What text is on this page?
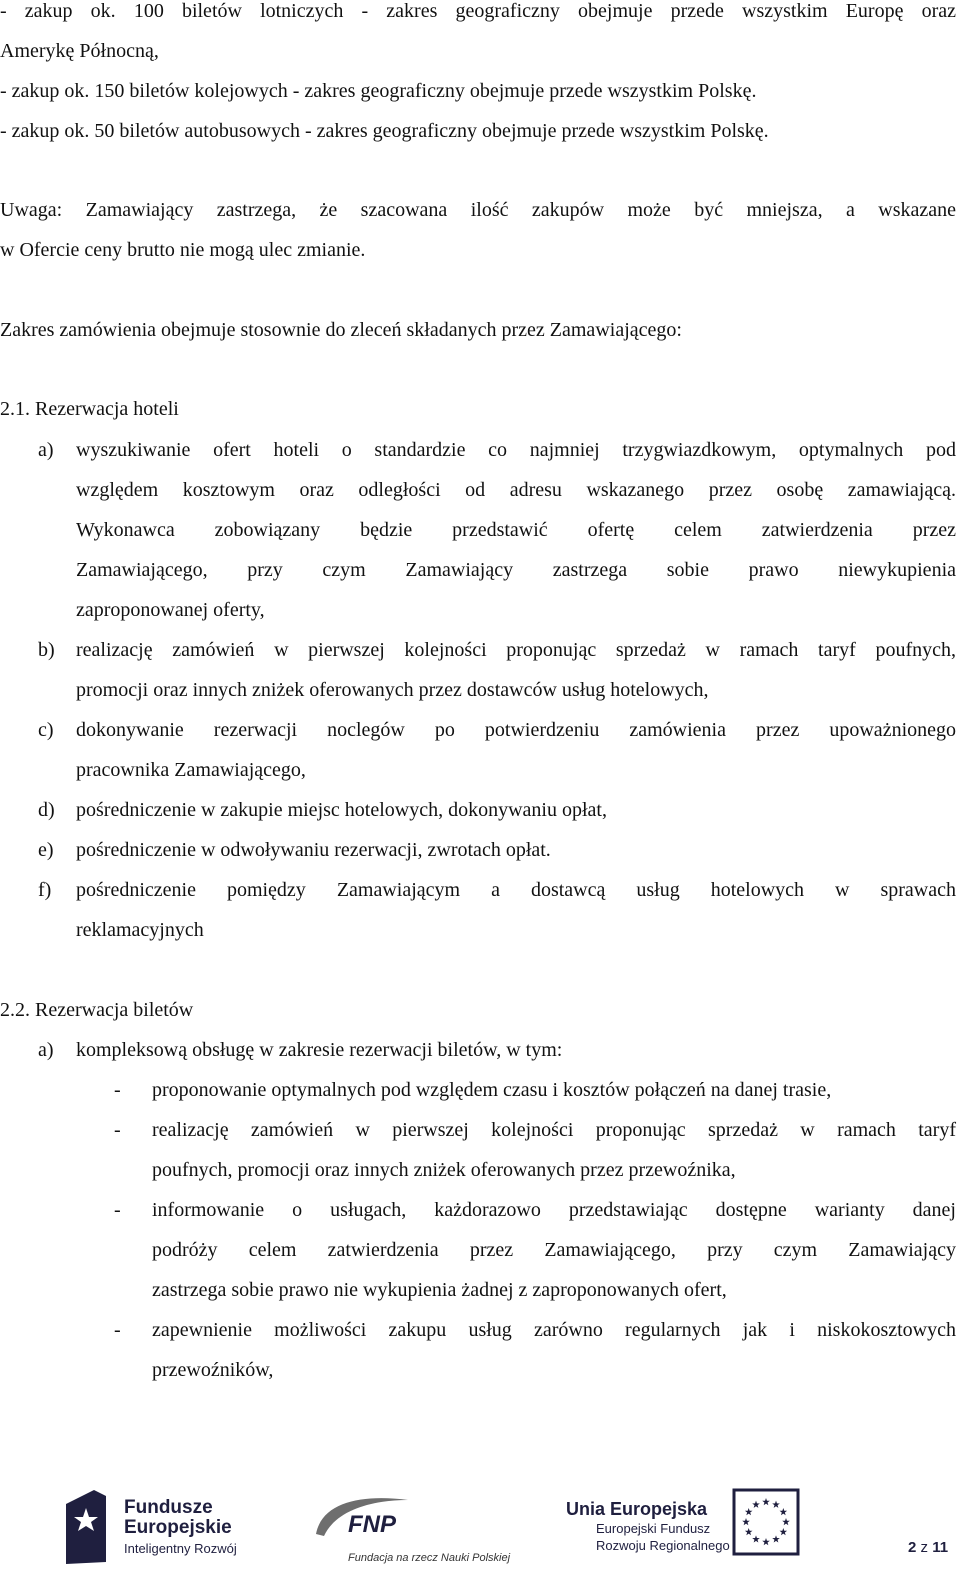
- zakup ok. 100 biletów lotniczych - zakres geograficzny obejmuje przede wszystkim Europę oraz
Amerykę Północną,
- zakup ok. 150 biletów kolejowych - zakres geograficzny obejmuje przede wszystkim Polskę.
- zakup ok. 50 biletów autobusowych - zakres geograficzny obejmuje przede wszystkim Polskę.
Uwaga: Zamawiający zastrzega, że szacowana ilość zakupów może być mniejsza, a wskazane
w Ofercie ceny brutto nie mogą ulec zmianie.
Zakres zamówienia obejmuje stosownie do zleceń składanych przez Zamawiającego:
2.1. Rezerwacja hoteli
a) wyszukiwanie ofert hoteli o standardzie co najmniej trzygwiazdkowym, optymalnych pod
względem kosztowym oraz odległości od adresu wskazanego przez osobę zamawiającą.
Wykonawca zobowiązany będzie przedstawić ofertę celem zatwierdzenia przez
Zamawiającego, przy czym Zamawiający zastrzega sobie prawo niewykupienia
zaproponowanej oferty,
b) realizację zamówień w pierwszej kolejności proponując sprzedaż w ramach taryf poufnych,
promocji oraz innych zniżek oferowanych przez dostawców usług hotelowych,
c) dokonywanie rezerwacji noclegów po potwierdzeniu zamówienia przez upoważnionego
pracownika Zamawiającego,
d) pośredniczenie w zakupie miejsc hotelowych, dokonywaniu opłat,
e) pośredniczenie w odwoływaniu rezerwacji, zwrotach opłat.
f) pośredniczenie pomiędzy Zamawiającym a dostawcą usług hotelowych w sprawach
reklamacyjnych
2.2. Rezerwacja biletów
a) kompleksową obsługę w zakresie rezerwacji biletów, w tym:
- proponowanie optymalnych pod względem czasu i kosztów połączeń na danej trasie,
- realizację zamówień w pierwszej kolejności proponując sprzedaż w ramach taryf
poufnych, promocji oraz innych zniżek oferowanych przez przewoźnika,
- informowanie o usługach, każdorazowo przedstawiając dostępne warianty danej
podróży celem zatwierdzenia przez Zamawiającego, przy czym Zamawiający
zastrzega sobie prawo nie wykupienia żadnej z zaproponowanych ofert,
- zapewnienie możliwości zakupu usług zarówno regularnych jak i niskokosztowych
przewoźników,
Fundusze
Europejskie
Inteligentny Rozwój
FNP
Fundacja na rzecz Nauki Polskiej
Unia Europejska
Europejski Fundusz
Rozwoju Regionalnego	2 z 11
